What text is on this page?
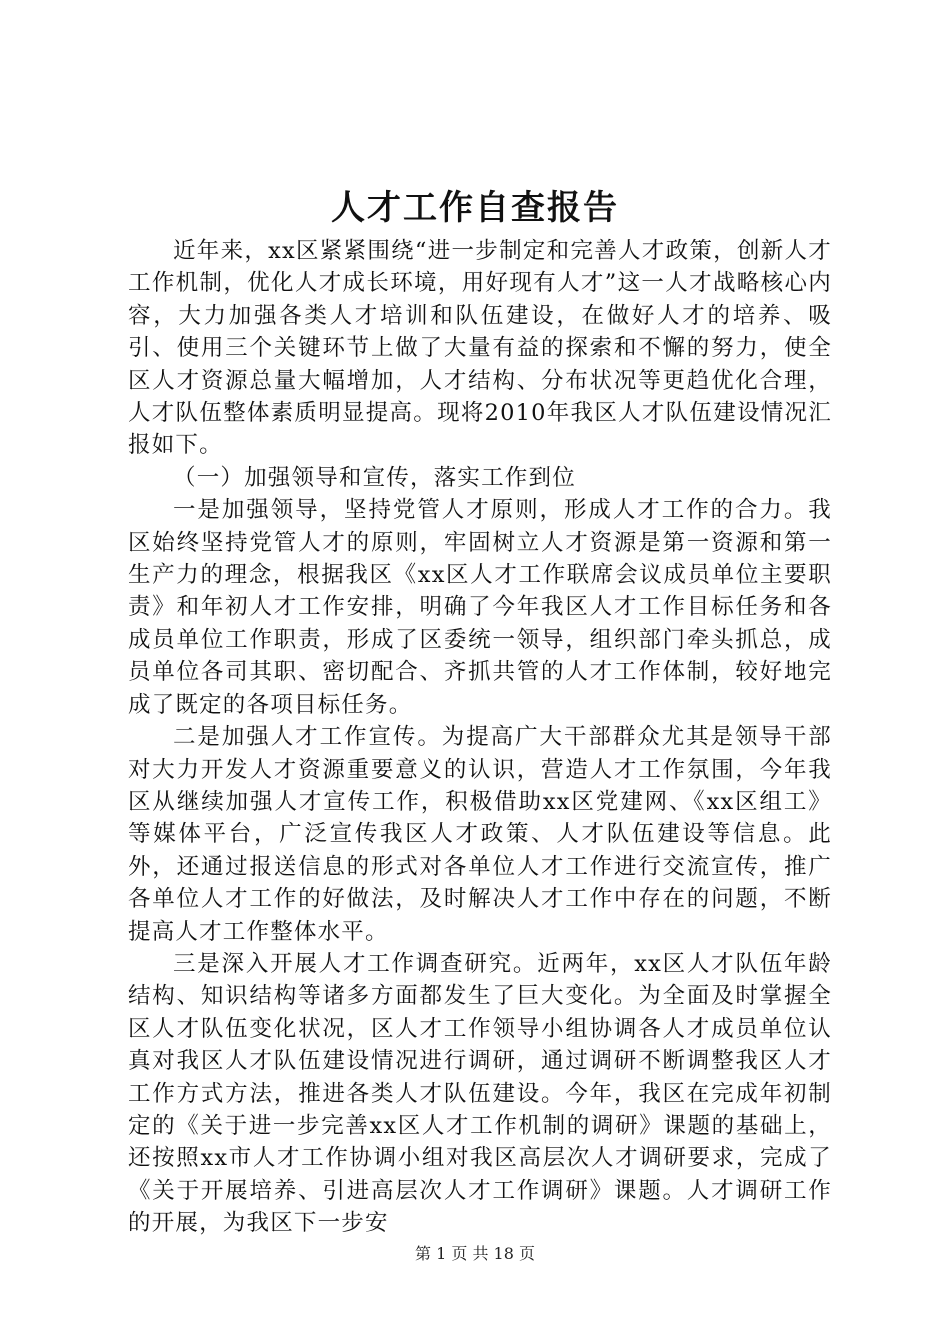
人才工作自查报告

近年来，xx区紧紧围绕“进一步制定和完善人才政策，创新人才工作机制，优化人才成长环境，用好现有人才”这一人才战略核心内容，大力加强各类人才培训和队伍建设，在做好人才的培养、吸引、使用三个关键环节上做了大量有益的探索和不懈的努力，使全区人才资源总量大幅增加，人才结构、分布状况等更趋优化合理，人才队伍整体素质明显提高。现将2010年我区人才队伍建设情况汇报如下。

（一）加强领导和宣传，落实工作到位

一是加强领导，坚持党管人才原则，形成人才工作的合力。我区始终坚持党管人才的原则，牢固树立人才资源是第一资源和第一生产力的理念，根据我区《xx区人才工作联席会议成员单位主要职责》和年初人才工作安排，明确了今年我区人才工作目标任务和各成员单位工作职责，形成了区委统一领导，组织部门牵头抓总，成员单位各司其职、密切配合、齐抓共管的人才工作体制，较好地完成了既定的各项目标任务。

二是加强人才工作宣传。为提高广大干部群众尤其是领导干部对大力开发人才资源重要意义的认识，营造人才工作氛围，今年我区从继续加强人才宣传工作，积极借助xx区党建网、《xx区组工》等媒体平台，广泛宣传我区人才政策、人才队伍建设等信息。此外，还通过报送信息的形式对各单位人才工作进行交流宣传，推广各单位人才工作的好做法，及时解决人才工作中存在的问题，不断提高人才工作整体水平。

三是深入开展人才工作调查研究。近两年，xx区人才队伍年龄结构、知识结构等诸多方面都发生了巨大变化。为全面及时掌握全区人才队伍变化状况，区人才工作领导小组协调各人才成员单位认真对我区人才队伍建设情况进行调研，通过调研不断调整我区人才工作方式方法，推进各类人才队伍建设。今年，我区在完成年初制定的《关于进一步完善xx区人才工作机制的调研》课题的基础上，还按照xx市人才工作协调小组对我区高层次人才调研要求，完成了《关于开展培养、引进高层次人才工作调研》课题。人才调研工作的开展，为我区下一步安

第 1 页 共 18 页
